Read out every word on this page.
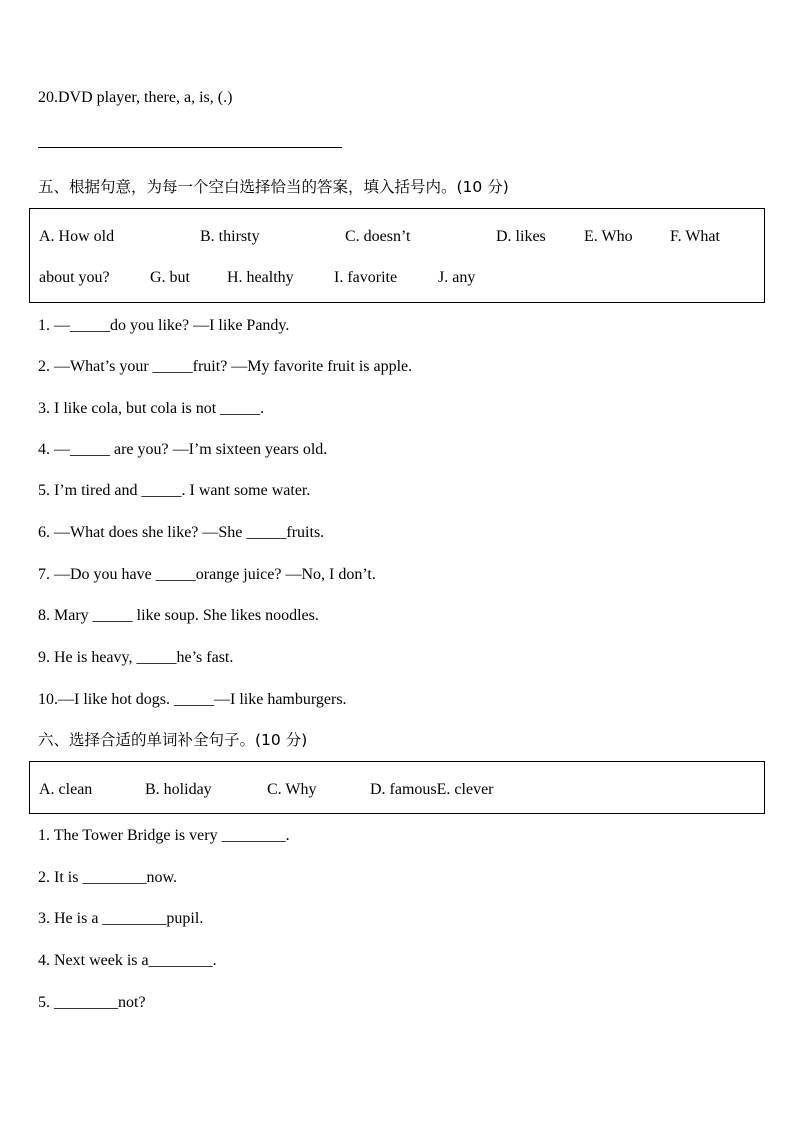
20.DVD player, there, a, is, (.)
五、根据句意，为每一个空白选择恰当的答案，填入括号内。(10 分)
A. How old	B. thirsty	C. doesn’t	D. likes E. Who F. What
about you?	G. but H. healthy	I. favorite	J. any
1. —_____do you like? —I like Pandy.
2. —What’s your _____fruit? —My favorite fruit is apple.
3. I like cola, but cola is not _____.
4. —_____ are you? —I’m sixteen years old.
5. I’m tired and _____. I want some water.
6. —What does she like? —She _____fruits.
7. —Do you have _____orange juice? —No, I don’t.
8. Mary _____ like soup. She likes noodles.
9. He is heavy, _____he’s fast.
10.—I like hot dogs. _____—I like hamburgers.
六、选择合适的单词补全句子。(10 分)
A. clean	B. holiday	C. Why	D. famousE. clever
1. The Tower Bridge is very ________.
2. It is ________now.
3. He is a ________pupil.
4. Next week is a________.
5. ________not?
